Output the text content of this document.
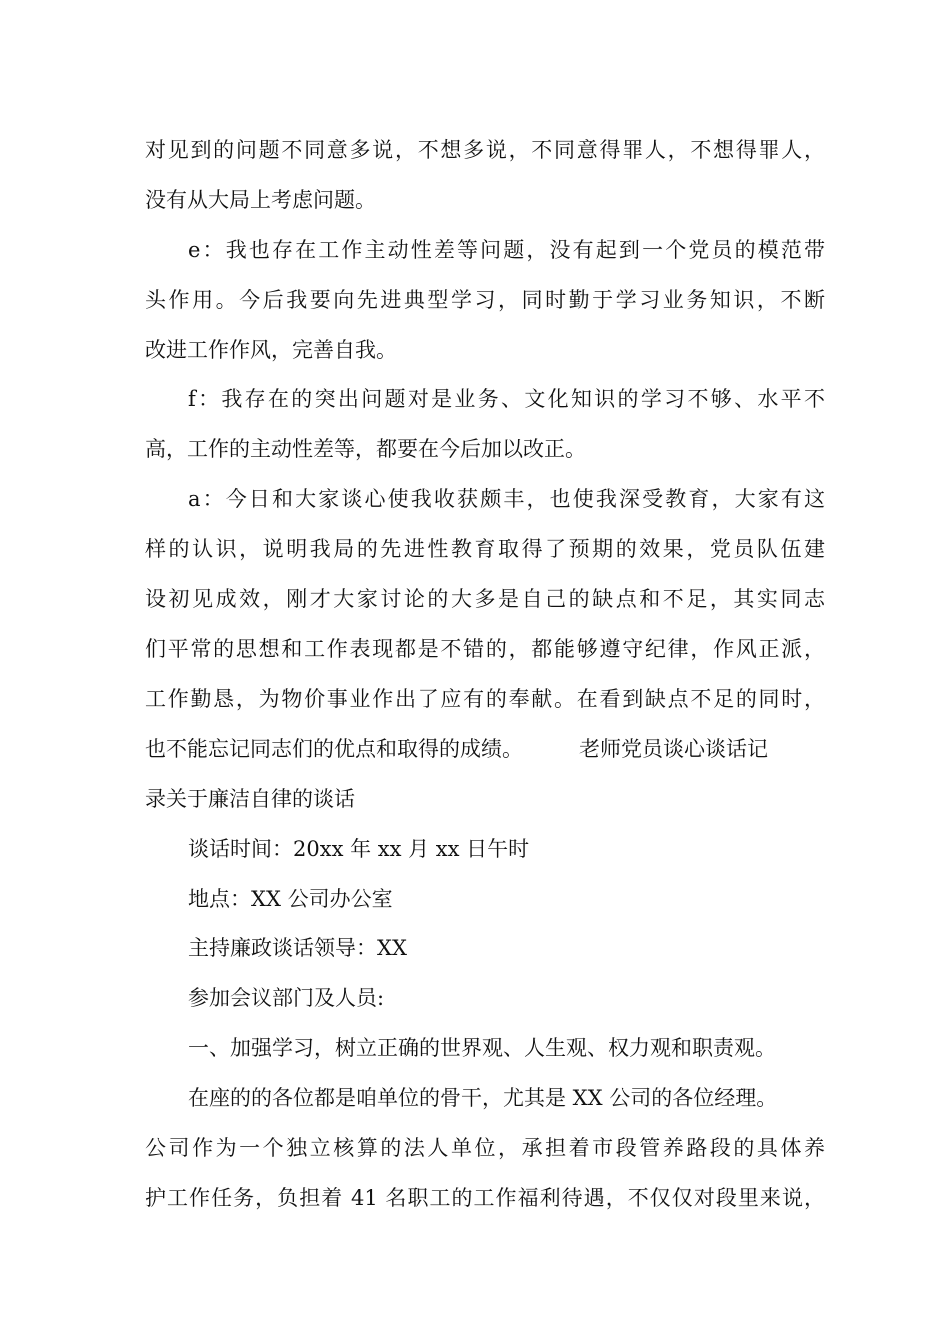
对见到的问题不同意多说，不想多说，不同意得罪人，不想得罪人，
没有从大局上考虑问题。
e：我也存在工作主动性差等问题，没有起到一个党员的模范带
头作用。今后我要向先进典型学习，同时勤于学习业务知识，不断
改进工作作风，完善自我。
f：我存在的突出问题对是业务、文化知识的学习不够、水平不
高，工作的主动性差等，都要在今后加以改正。
a：今日和大家谈心使我收获颇丰，也使我深受教育，大家有这
样的认识，说明我局的先进性教育取得了预期的效果，党员队伍建
设初见成效，刚才大家讨论的大多是自己的缺点和不足，其实同志
们平常的思想和工作表现都是不错的，都能够遵守纪律，作风正派，
工作勤恳，为物价事业作出了应有的奉献。在看到缺点不足的同时，
也不能忘记同志们的优点和取得的成绩。	老师党员谈心谈话记
录关于廉洁自律的谈话
谈话时间：20xx 年 xx 月 xx 日午时
地点：XX 公司办公室
主持廉政谈话领导：XX
参加会议部门及人员:
一、加强学习，树立正确的世界观、人生观、权力观和职责观。
在座的的各位都是咱单位的骨干，尤其是 XX 公司的各位经理。
公司作为一个独立核算的法人单位，承担着市段管养路段的具体养
护工作任务，负担着 41 名职工的工作福利待遇，不仅仅对段里来说，
